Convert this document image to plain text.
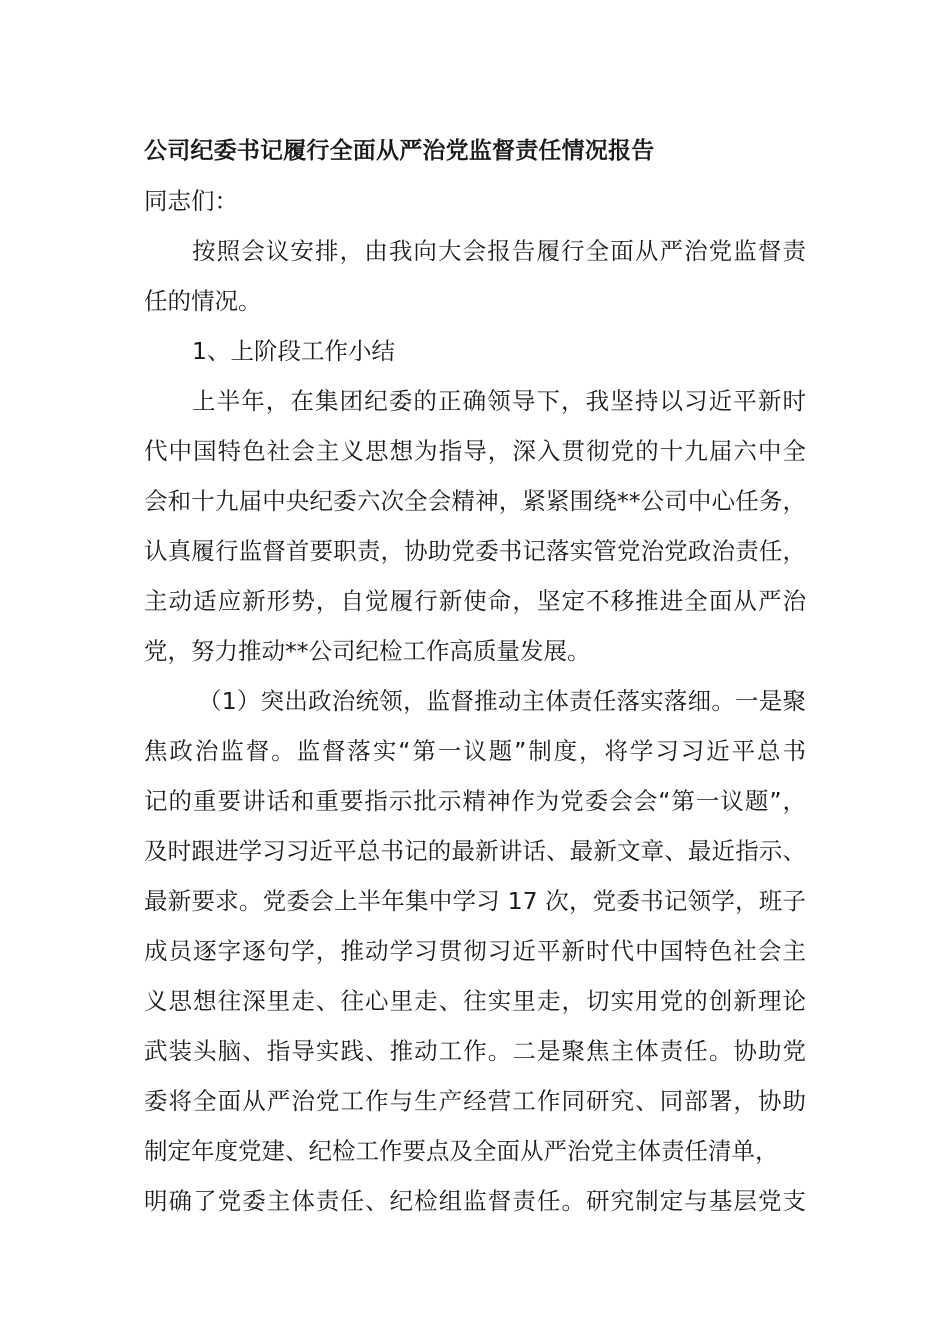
公司纪委书记履行全面从严治党监督责任情况报告
同志们：
按照会议安排，由我向大会报告履行全面从严治党监督责
任的情况。
1、上阶段工作小结
上半年，在集团纪委的正确领导下，我坚持以习近平新时
代中国特色社会主义思想为指导，深入贯彻党的十九届六中全
会和十九届中央纪委六次全会精神，紧紧围绕**公司中心任务，
认真履行监督首要职责，协助党委书记落实管党治党政治责任，
主动适应新形势，自觉履行新使命，坚定不移推进全面从严治
党，努力推动**公司纪检工作高质量发展。
（1）突出政治统领，监督推动主体责任落实落细。一是聚
焦政治监督。监督落实“第一议题”制度，将学习习近平总书
记的重要讲话和重要指示批示精神作为党委会会“第一议题”，
及时跟进学习习近平总书记的最新讲话、最新文章、最近指示、
最新要求。党委会上半年集中学习 17 次，党委书记领学，班子
成员逐字逐句学，推动学习贯彻习近平新时代中国特色社会主
义思想往深里走、往心里走、往实里走，切实用党的创新理论
武装头脑、指导实践、推动工作。二是聚焦主体责任。协助党
委将全面从严治党工作与生产经营工作同研究、同部署，协助
制定年度党建、纪检工作要点及全面从严治党主体责任清单，
明确了党委主体责任、纪检组监督责任。研究制定与基层党支
